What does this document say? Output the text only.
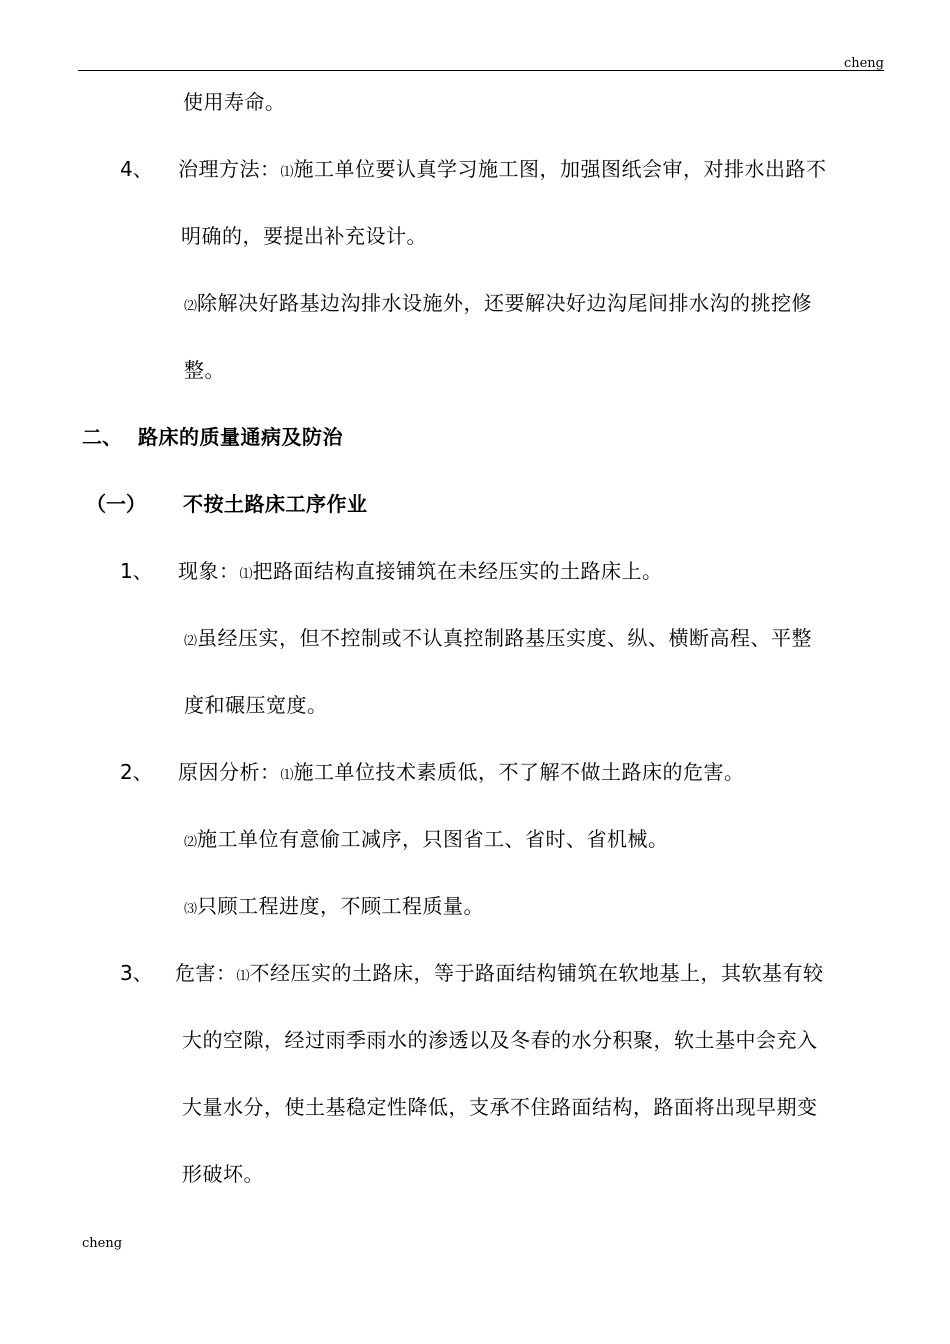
cheng
使用寿命。
4、 治理方法：⑴施工单位要认真学习施工图，加强图纸会审，对排水出路不
明确的，要提出补充设计。
⑵除解决好路基边沟排水设施外，还要解决好边沟尾间排水沟的挑挖修
整。
二、 路床的质量通病及防治
（一） 不按土路床工序作业
1、 现象：⑴把路面结构直接铺筑在未经压实的土路床上。
⑵虽经压实，但不控制或不认真控制路基压实度、纵、横断高程、平整
度和碾压宽度。
2、 原因分析：⑴施工单位技术素质低，不了解不做土路床的危害。
⑵施工单位有意偷工减序，只图省工、省时、省机械。
⑶只顾工程进度，不顾工程质量。
3、 危害：⑴不经压实的土路床，等于路面结构铺筑在软地基上，其软基有较
大的空隙，经过雨季雨水的渗透以及冬春的水分积聚，软土基中会充入
大量水分，使土基稳定性降低，支承不住路面结构，路面将出现早期变
形破坏。
cheng
